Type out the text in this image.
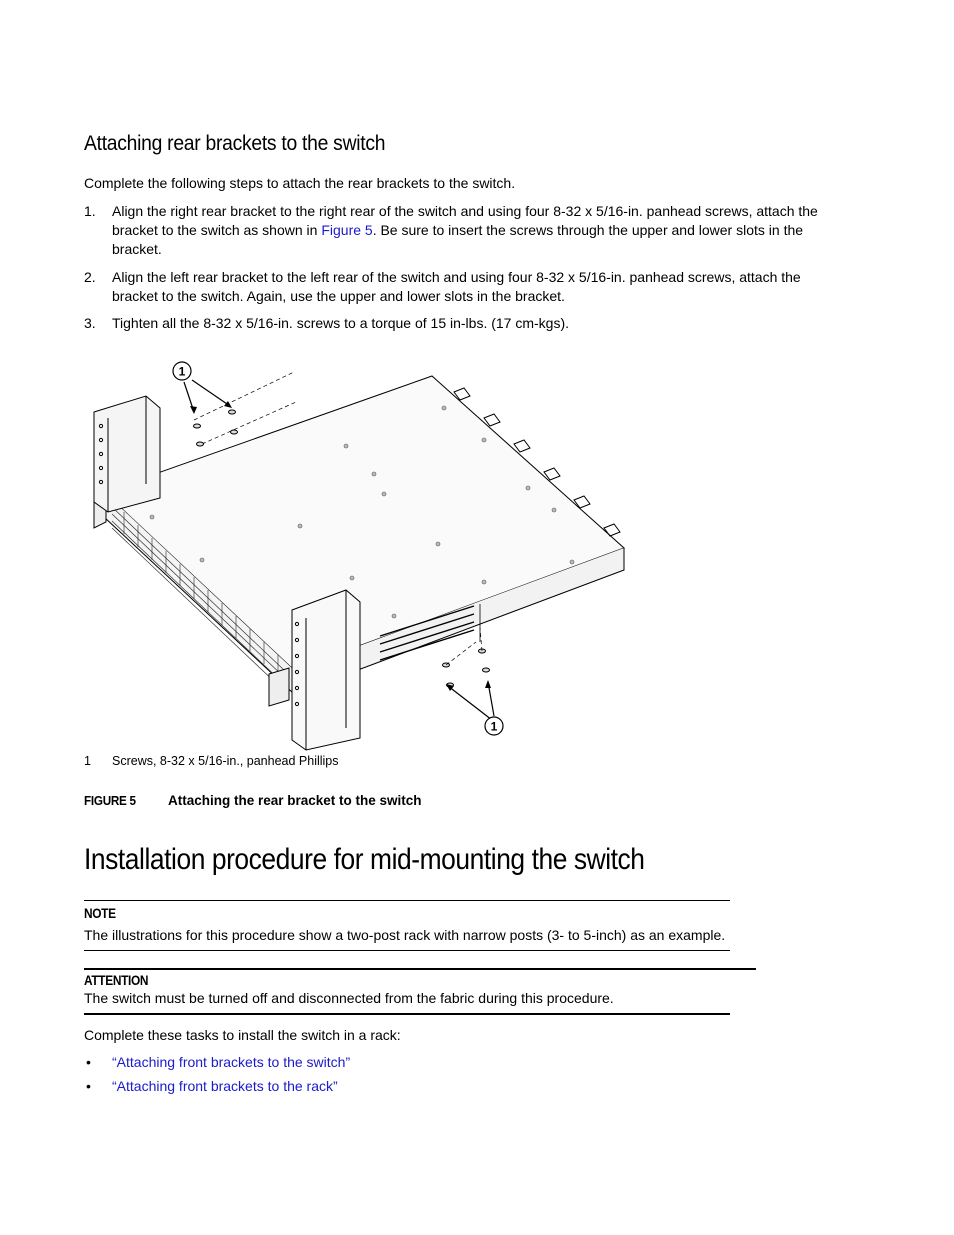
Attaching rear brackets to the switch

Complete the following steps to attach the rear brackets to the switch.

1. Align the right rear bracket to the right rear of the switch and using four 8-32 x 5/16-in. panhead screws, attach the bracket to the switch as shown in Figure 5. Be sure to insert the screws through the upper and lower slots in the bracket.
2. Align the left rear bracket to the left rear of the switch and using four 8-32 x 5/16-in. panhead screws, attach the bracket to the switch. Again, use the upper and lower slots in the bracket.
3. Tighten all the 8-32 x 5/16-in. screws to a torque of 15 in-lbs. (17 cm-kgs).
1
1
1 Screws, 8-32 x 5/16-in., panhead Phillips
FIGURE 5 Attaching the rear bracket to the switch
Installation procedure for mid-mounting the switch
NOTE

The illustrations for this procedure show a two-post rack with narrow posts (3- to 5-inch) as an example.

ATTENTION

The switch must be turned off and disconnected from the fabric during this procedure.

Complete these tasks to install the switch in a rack:

• “Attaching front brackets to the switch”
• “Attaching front brackets to the rack”
